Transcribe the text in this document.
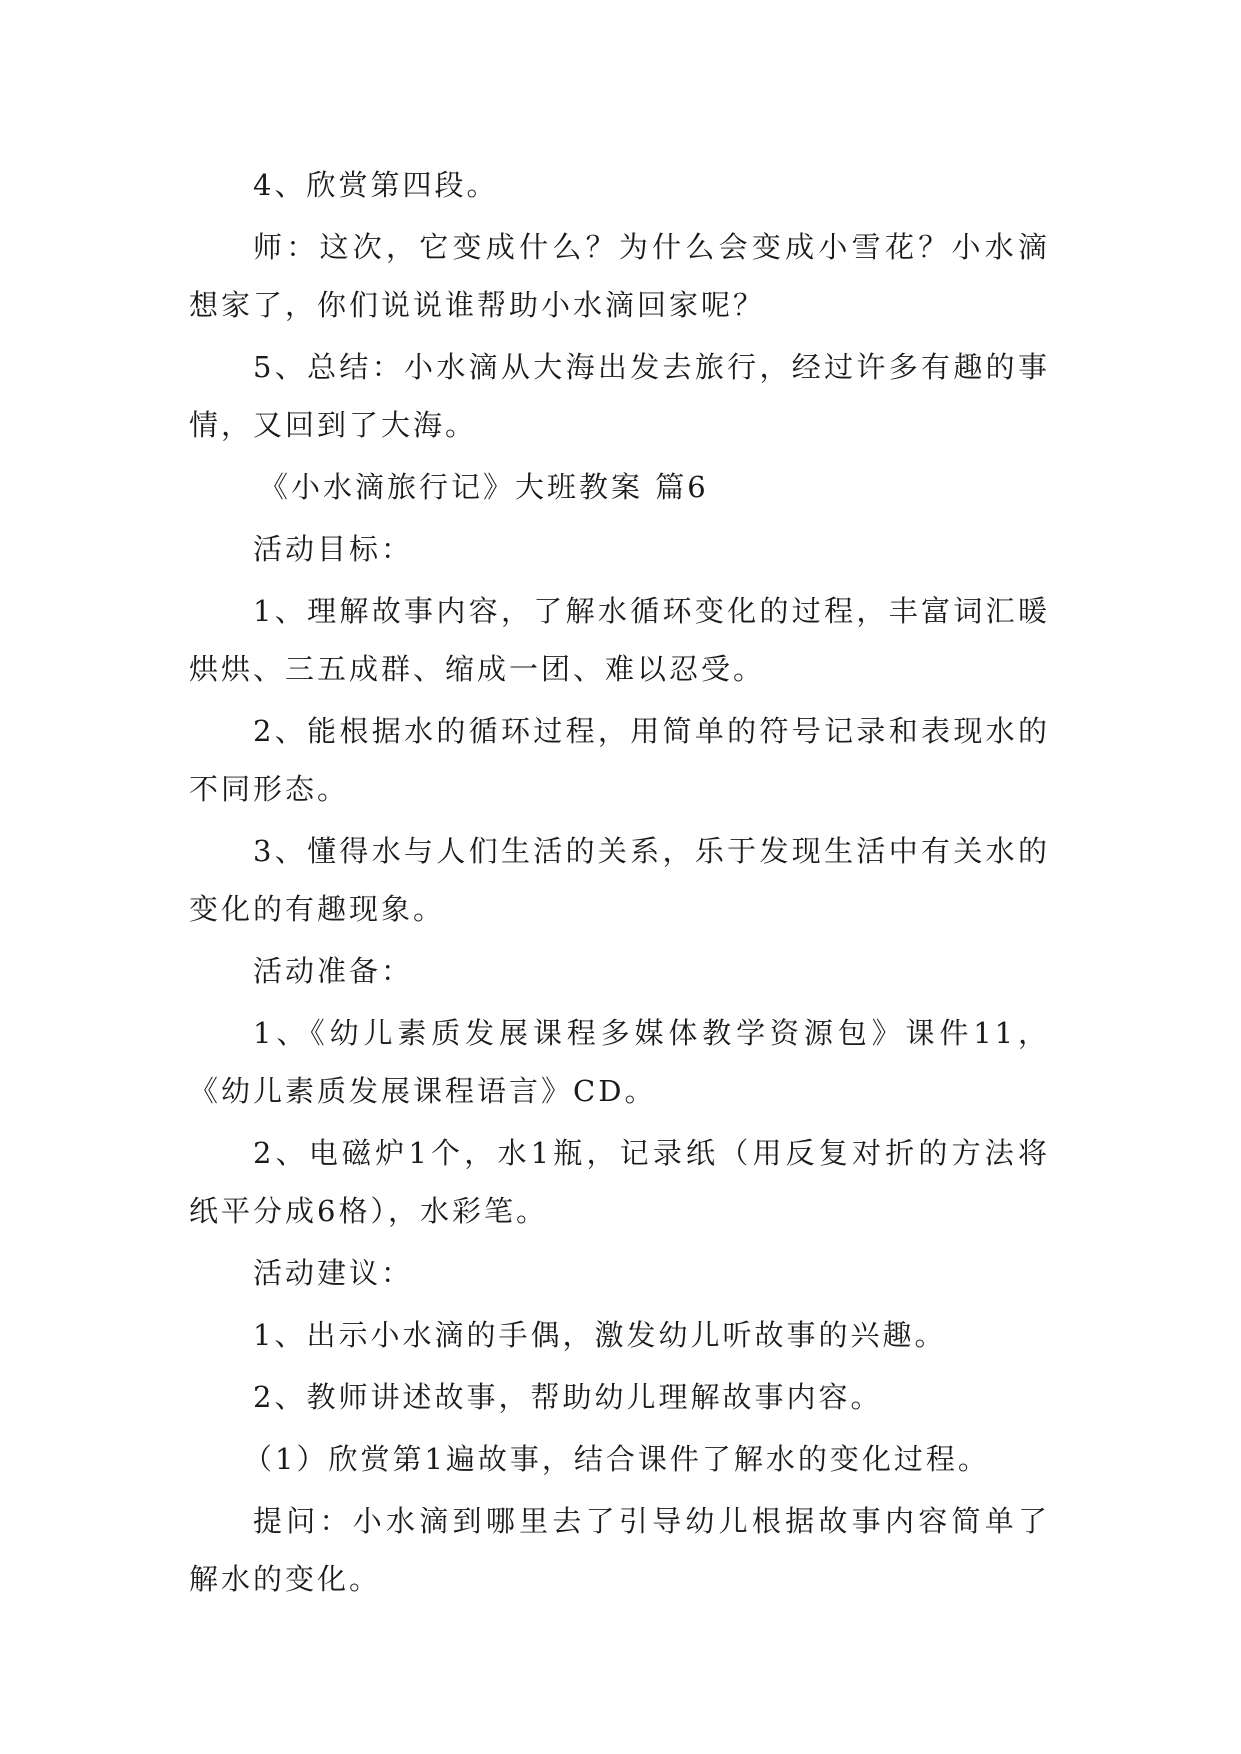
4、欣赏第四段。

师：这次，它变成什么？为什么会变成小雪花？小水滴想家了，你们说说谁帮助小水滴回家呢？

5、总结：小水滴从大海出发去旅行，经过许多有趣的事情，又回到了大海。

《小水滴旅行记》大班教案 篇6

活动目标：

1、理解故事内容，了解水循环变化的过程，丰富词汇暖烘烘、三五成群、缩成一团、难以忍受。

2、能根据水的循环过程，用简单的符号记录和表现水的不同形态。

3、懂得水与人们生活的关系，乐于发现生活中有关水的变化的有趣现象。

活动准备：

1、《幼儿素质发展课程多媒体教学资源包》课件11，《幼儿素质发展课程语言》CD。

2、电磁炉1个，水1瓶，记录纸（用反复对折的方法将纸平分成6格），水彩笔。

活动建议：

1、出示小水滴的手偶，激发幼儿听故事的兴趣。

2、教师讲述故事，帮助幼儿理解故事内容。

（1）欣赏第1遍故事，结合课件了解水的变化过程。

提问：小水滴到哪里去了引导幼儿根据故事内容简单了解水的变化。
